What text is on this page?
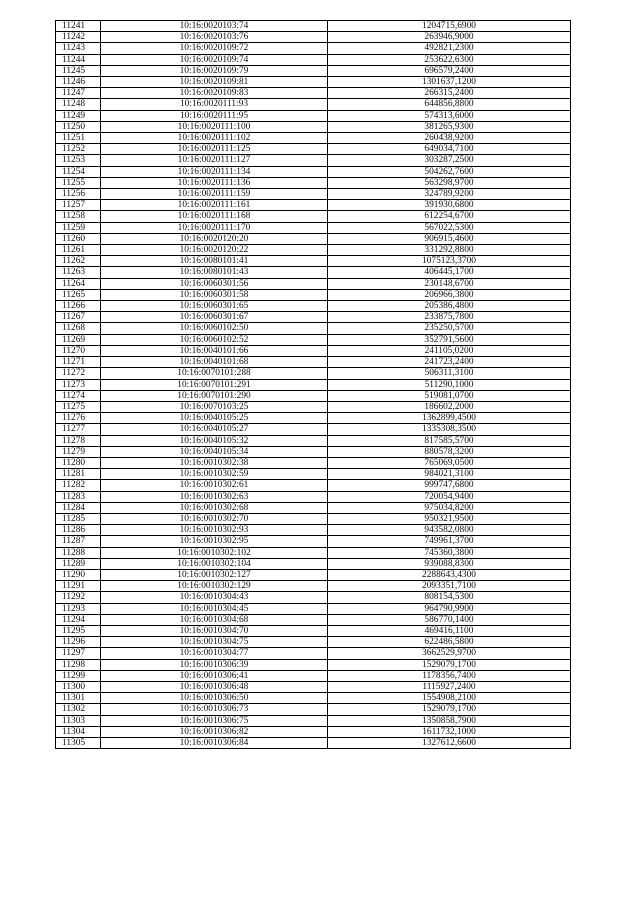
11241	10:16:0020103:74	1204715,6900
11242	10:16:0020103:76	263946,9000
11243	10:16:0020109:72	492821,2300
11244	10:16:0020109:74	253622,6300
11245	10:16:0020109:79	696579,2400
11246	10:16:0020109:81	1301637,1200
11247	10:16:0020109:83	266315,2400
11248	10:16:0020111:93	644856,8800
11249	10:16:0020111:95	574313,6000
11250	10:16:0020111:100	381265,9300
11251	10:16:0020111:102	260438,9200
11252	10:16:0020111:125	649034,7100
11253	10:16:0020111:127	303287,2500
11254	10:16:0020111:134	504262,7600
11255	10:16:0020111:136	563298,9700
11256	10:16:0020111:159	324789,9200
11257	10:16:0020111:161	391930,6800
11258	10:16:0020111:168	612254,6700
11259	10:16:0020111:170	567022,5300
11260	10:16:0020120:20	906915,4600
11261	10:16:0020120:22	331292,8800
11262	10:16:0080101:41	1075123,3700
11263	10:16:0080101:43	406445,1700
11264	10:16:0060301:56	230148,6700
11265	10:16:0060301:58	206966,3800
11266	10:16:0060301:65	205386,4800
11267	10:16:0060301:67	233875,7800
11268	10:16:0060102:50	235250,5700
11269	10:16:0060102:52	352791,5600
11270	10:16:0040101:66	241105,0200
11271	10:16:0040101:68	241723,2400
11272	10:16:0070101:288	506311,3100
11273	10:16:0070101:291	511290,1000
11274	10:16:0070101:290	519081,0700
11275	10:16:0070103:25	186602,2000
11276	10:16:0040105:25	1362899,4500
11277	10:16:0040105:27	1335308,3500
11278	10:16:0040105:32	817585,5700
11279	10:16:0040105:34	880578,3200
11280	10:16:0010302:38	765069,0500
11281	10:16:0010302:59	984021,3100
11282	10:16:0010302:61	999747,6800
11283	10:16:0010302:63	720054,9400
11284	10:16:0010302:68	975034,8200
11285	10:16:0010302:70	950321,9500
11286	10:16:0010302:93	943582,0800
11287	10:16:0010302:95	749961,3700
11288	10:16:0010302:102	745360,3800
11289	10:16:0010302:104	939088,8300
11290	10:16:0010302:127	2288643,4300
11291	10:16:0010302:129	2093351,7100
11292	10:16:0010304:43	808154,5300
11293	10:16:0010304:45	964790,9900
11294	10:16:0010304:68	586770,1400
11295	10:16:0010304:70	469416,1100
11296	10:16:0010304:75	622486,5800
11297	10:16:0010304:77	3662529,9700
11298	10:16:0010306:39	1529079,1700
11299	10:16:0010306:41	1178356,7400
11300	10:16:0010306:48	1115927,2400
11301	10:16:0010306:50	1554908,2100
11302	10:16:0010306:73	1529079,1700
11303	10:16:0010306:75	1350858,7900
11304	10:16:0010306:82	1611732,1000
11305	10:16:0010306:84	1327612,6600
